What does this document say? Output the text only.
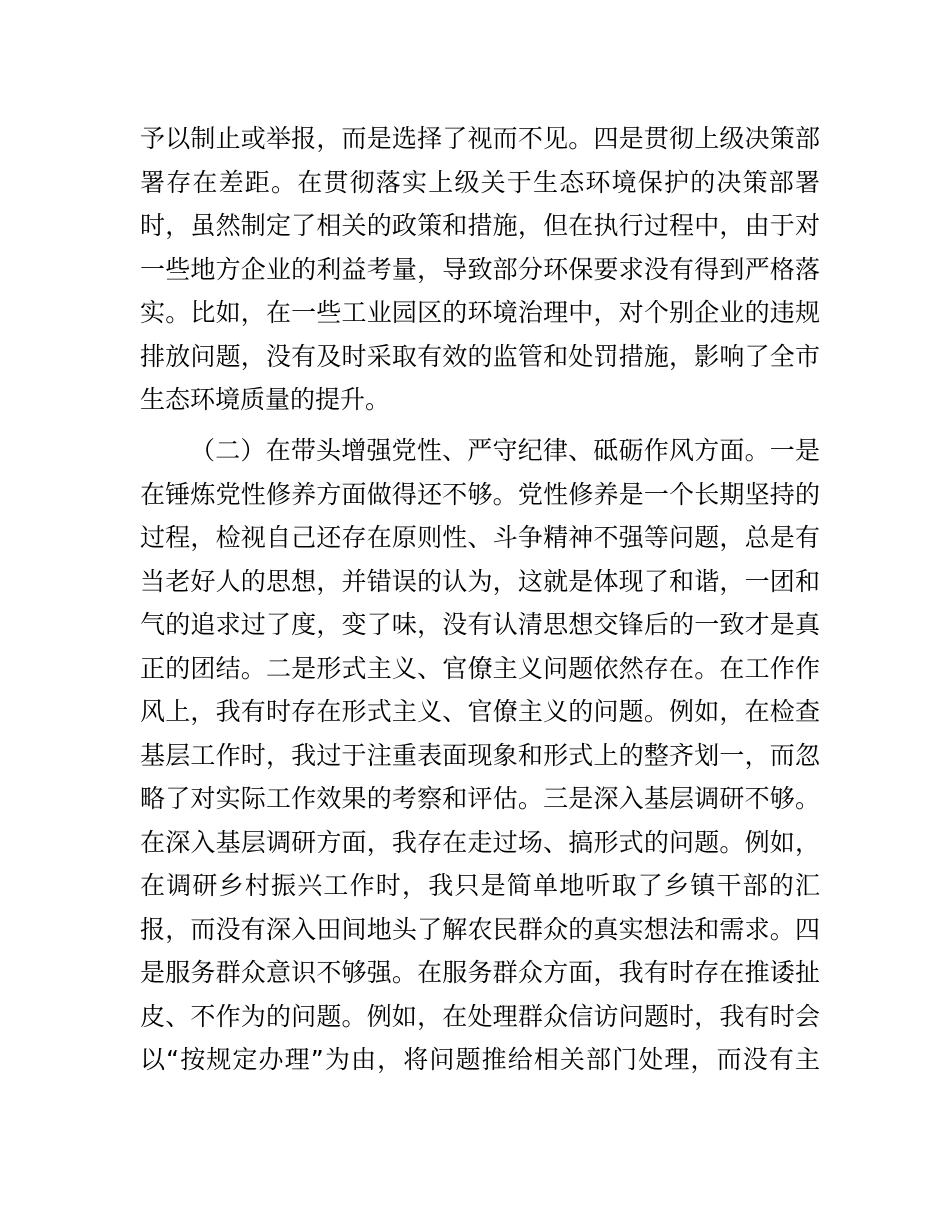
予以制止或举报，而是选择了视而不见。四是贯彻上级决策部
署存在差距。在贯彻落实上级关于生态环境保护的决策部署
时，虽然制定了相关的政策和措施，但在执行过程中，由于对
一些地方企业的利益考量，导致部分环保要求没有得到严格落
实。比如，在一些工业园区的环境治理中，对个别企业的违规
排放问题，没有及时采取有效的监管和处罚措施，影响了全市
生态环境质量的提升。
（二）在带头增强党性、严守纪律、砥砺作风方面。一是
在锤炼党性修养方面做得还不够。党性修养是一个长期坚持的
过程，检视自己还存在原则性、斗争精神不强等问题，总是有
当老好人的思想，并错误的认为，这就是体现了和谐，一团和
气的追求过了度，变了味，没有认清思想交锋后的一致才是真
正的团结。二是形式主义、官僚主义问题依然存在。在工作作
风上，我有时存在形式主义、官僚主义的问题。例如，在检查
基层工作时，我过于注重表面现象和形式上的整齐划一，而忽
略了对实际工作效果的考察和评估。三是深入基层调研不够。
在深入基层调研方面，我存在走过场、搞形式的问题。例如，
在调研乡村振兴工作时，我只是简单地听取了乡镇干部的汇
报，而没有深入田间地头了解农民群众的真实想法和需求。四
是服务群众意识不够强。在服务群众方面，我有时存在推诿扯
皮、不作为的问题。例如，在处理群众信访问题时，我有时会
以“按规定办理”为由，将问题推给相关部门处理，而没有主
